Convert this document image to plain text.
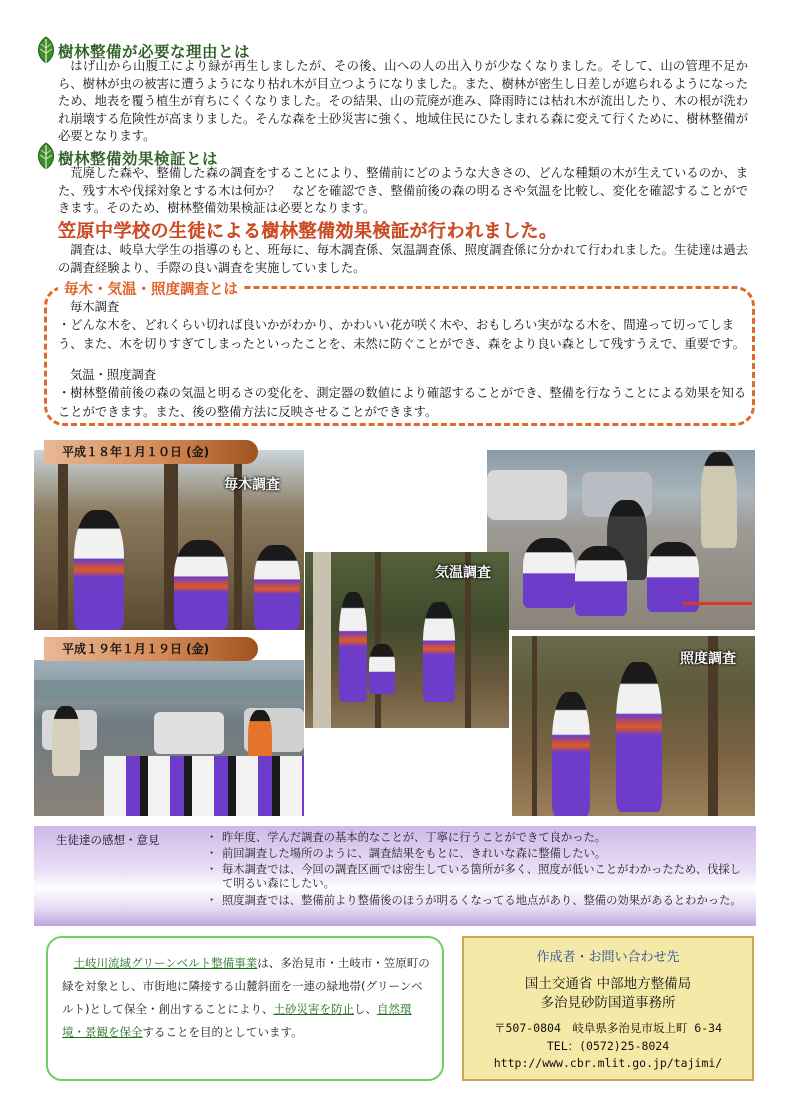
樹林整備が必要な理由とは
はげ山から山腹工により緑が再生しましたが、その後、山への人の出入りが少なくなりました。そして、山の管理不足から、樹林が虫の被害に遭うようになり枯れ木が目立つようになりました。また、樹林が密生し日差しが遮られるようになったため、地表を覆う植生が育ちにくくなりました。その結果、山の荒廃が進み、降雨時には枯れ木が流出したり、木の根が洗われ崩壊する危険性が高まりました。そんな森を土砂災害に強く、地域住民にひたしまれる森に変えて行くために、樹林整備が必要となります。
樹林整備効果検証とは
荒廃した森や、整備した森の調査をすることにより、整備前にどのような大きさの、どんな種類の木が生えているのか、また、残す木や伐採対象とする木は何か？　などを確認でき、整備前後の森の明るさや気温を比較し、変化を確認することができます。そのため、樹林整備効果検証は必要となります。
笠原中学校の生徒による樹林整備効果検証が行われました。
調査は、岐阜大学生の指導のもと、班毎に、毎木調査係、気温調査係、照度調査係に分かれて行われました。生徒達は過去の調査経験より、手際の良い調査を実施していました。
毎木・気温・照度調査とは
毎木調査
・どんな木を、どれくらい切れば良いかがわかり、かわいい花が咲く木や、おもしろい実がなる木を、間違って切ってしまう、また、木を切りすぎてしまったといったことを、未然に防ぐことができ、森をより良い森として残すうえで、重要です。
気温・照度調査
・樹林整備前後の森の気温と明るさの変化を、測定器の数値により確認することができ、整備を行なうことによる効果を知ることができます。また、後の整備方法に反映させることができます。
毎木調査
平成１８年１月１０日 (金)
気温調査
平成１９年１月１９日 (金)
照度調査
生徒達の感想・意見	・ 昨年度、学んだ調査の基本的なことが、丁寧に行うことができて良かった。
・ 前回調査した場所のように、調査結果をもとに、きれいな森に整備したい。
・ 毎木調査では、今回の調査区画では密生している箇所が多く、照度が低いことがわかったため、伐採して明るい森にしたい。
・ 照度調査では、整備前より整備後のほうが明るくなってる地点があり、整備の効果があるとわかった。
土岐川流域グリーンベルト整備事業は、多治見市・土岐市・笠原町の緑を対象とし、市街地に隣接する山麓斜面を一連の緑地帯(グリーンベルト)として保全・創出することにより、土砂災害を防止し、自然環境・景観を保全することを目的としています。
作成者・お問い合わせ先
国土交通省 中部地方整備局
多治見砂防国道事務所
〒507-0804　岐阜県多治見市坂上町 6-34
TEL：(0572)25-8024
http://www.cbr.mlit.go.jp/tajimi/
